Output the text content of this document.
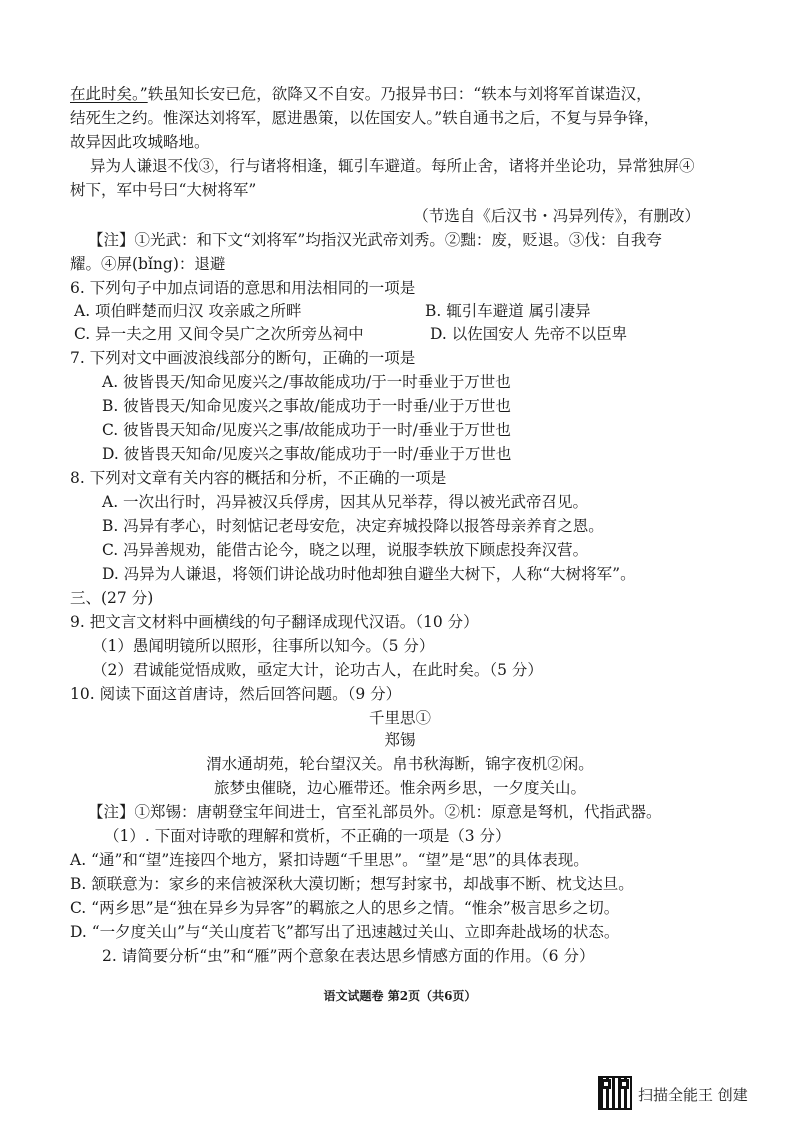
在此时矣。”轶虽知长安已危，欲降又不自安。乃报异书曰：“轶本与刘将军首谋造汉，
结死生之约。惟深达刘将军，愿进愚策，以佐国安人。”轶自通书之后，不复与异争锋，
故异因此攻城略地。
异为人谦退不伐③，行与诸将相逢，辄引车避道。每所止舍，诸将并坐论功，异常独屏④
树下，军中号曰“大树将军”
（节选自《后汉书・冯异列传》，有删改）
【注】①光武：和下文“刘将军”均指汉光武帝刘秀。②黜：废，贬退。③伐：自我夸
耀。④屏(bǐng)：退避
6. 下列句子中加点词语的意思和用法相同的一项是
A. 项伯畔楚而归汉 攻亲戚之所畔	B. 辄引车避道 属引凄异
C. 异一夫之用 又间令吴广之次所旁丛祠中	D. 以佐国安人 先帝不以臣卑
7. 下列对文中画波浪线部分的断句，正确的一项是
A. 彼皆畏天/知命见废兴之/事故能成功/于一时垂业于万世也
B. 彼皆畏天/知命见废兴之事故/能成功于一时垂/业于万世也
C. 彼皆畏天知命/见废兴之事/故能成功于一时/垂业于万世也
D. 彼皆畏天知命/见废兴之事故/能成功于一时/垂业于万世也
8. 下列对文章有关内容的概括和分析，不正确的一项是
A. 一次出行时，冯异被汉兵俘虏，因其从兄举荐，得以被光武帝召见。
B. 冯异有孝心，时刻惦记老母安危，决定弃城投降以报答母亲养育之恩。
C. 冯异善规劝，能借古论今，晓之以理，说服李轶放下顾虑投奔汉营。
D. 冯异为人谦退，将领们讲论战功时他却独自避坐大树下，人称“大树将军”。
三、(27 分)
9. 把文言文材料中画横线的句子翻译成现代汉语。（10 分）
（1）愚闻明镜所以照形，往事所以知今。（5 分）
（2）君诚能觉悟成败，亟定大计，论功古人，在此时矣。（5 分）
10. 阅读下面这首唐诗，然后回答问题。（9 分）
千里思①
郑锡
渭水通胡苑，轮台望汉关。帛书秋海断，锦字夜机②闲。
旅梦虫催晓，边心雁带还。惟余两乡思，一夕度关山。
【注】①郑锡：唐朝登宝年间进士，官至礼部员外。②机：原意是弩机，代指武器。
（1）. 下面对诗歌的理解和赏析，不正确的一项是（3 分）
A. “通”和“望”连接四个地方，紧扣诗题“千里思”。“望”是“思”的具体表现。
B. 颔联意为：家乡的来信被深秋大漠切断；想写封家书，却战事不断、枕戈达旦。
C. “两乡思”是“独在异乡为异客”的羁旅之人的思乡之情。“惟余”极言思乡之切。
D. “一夕度关山”与“关山度若飞”都写出了迅速越过关山、立即奔赴战场的状态。
2. 请简要分析“虫”和“雁”两个意象在表达思乡情感方面的作用。（6 分）
语文试题卷 第2页（共6页）
扫描全能王 创建
